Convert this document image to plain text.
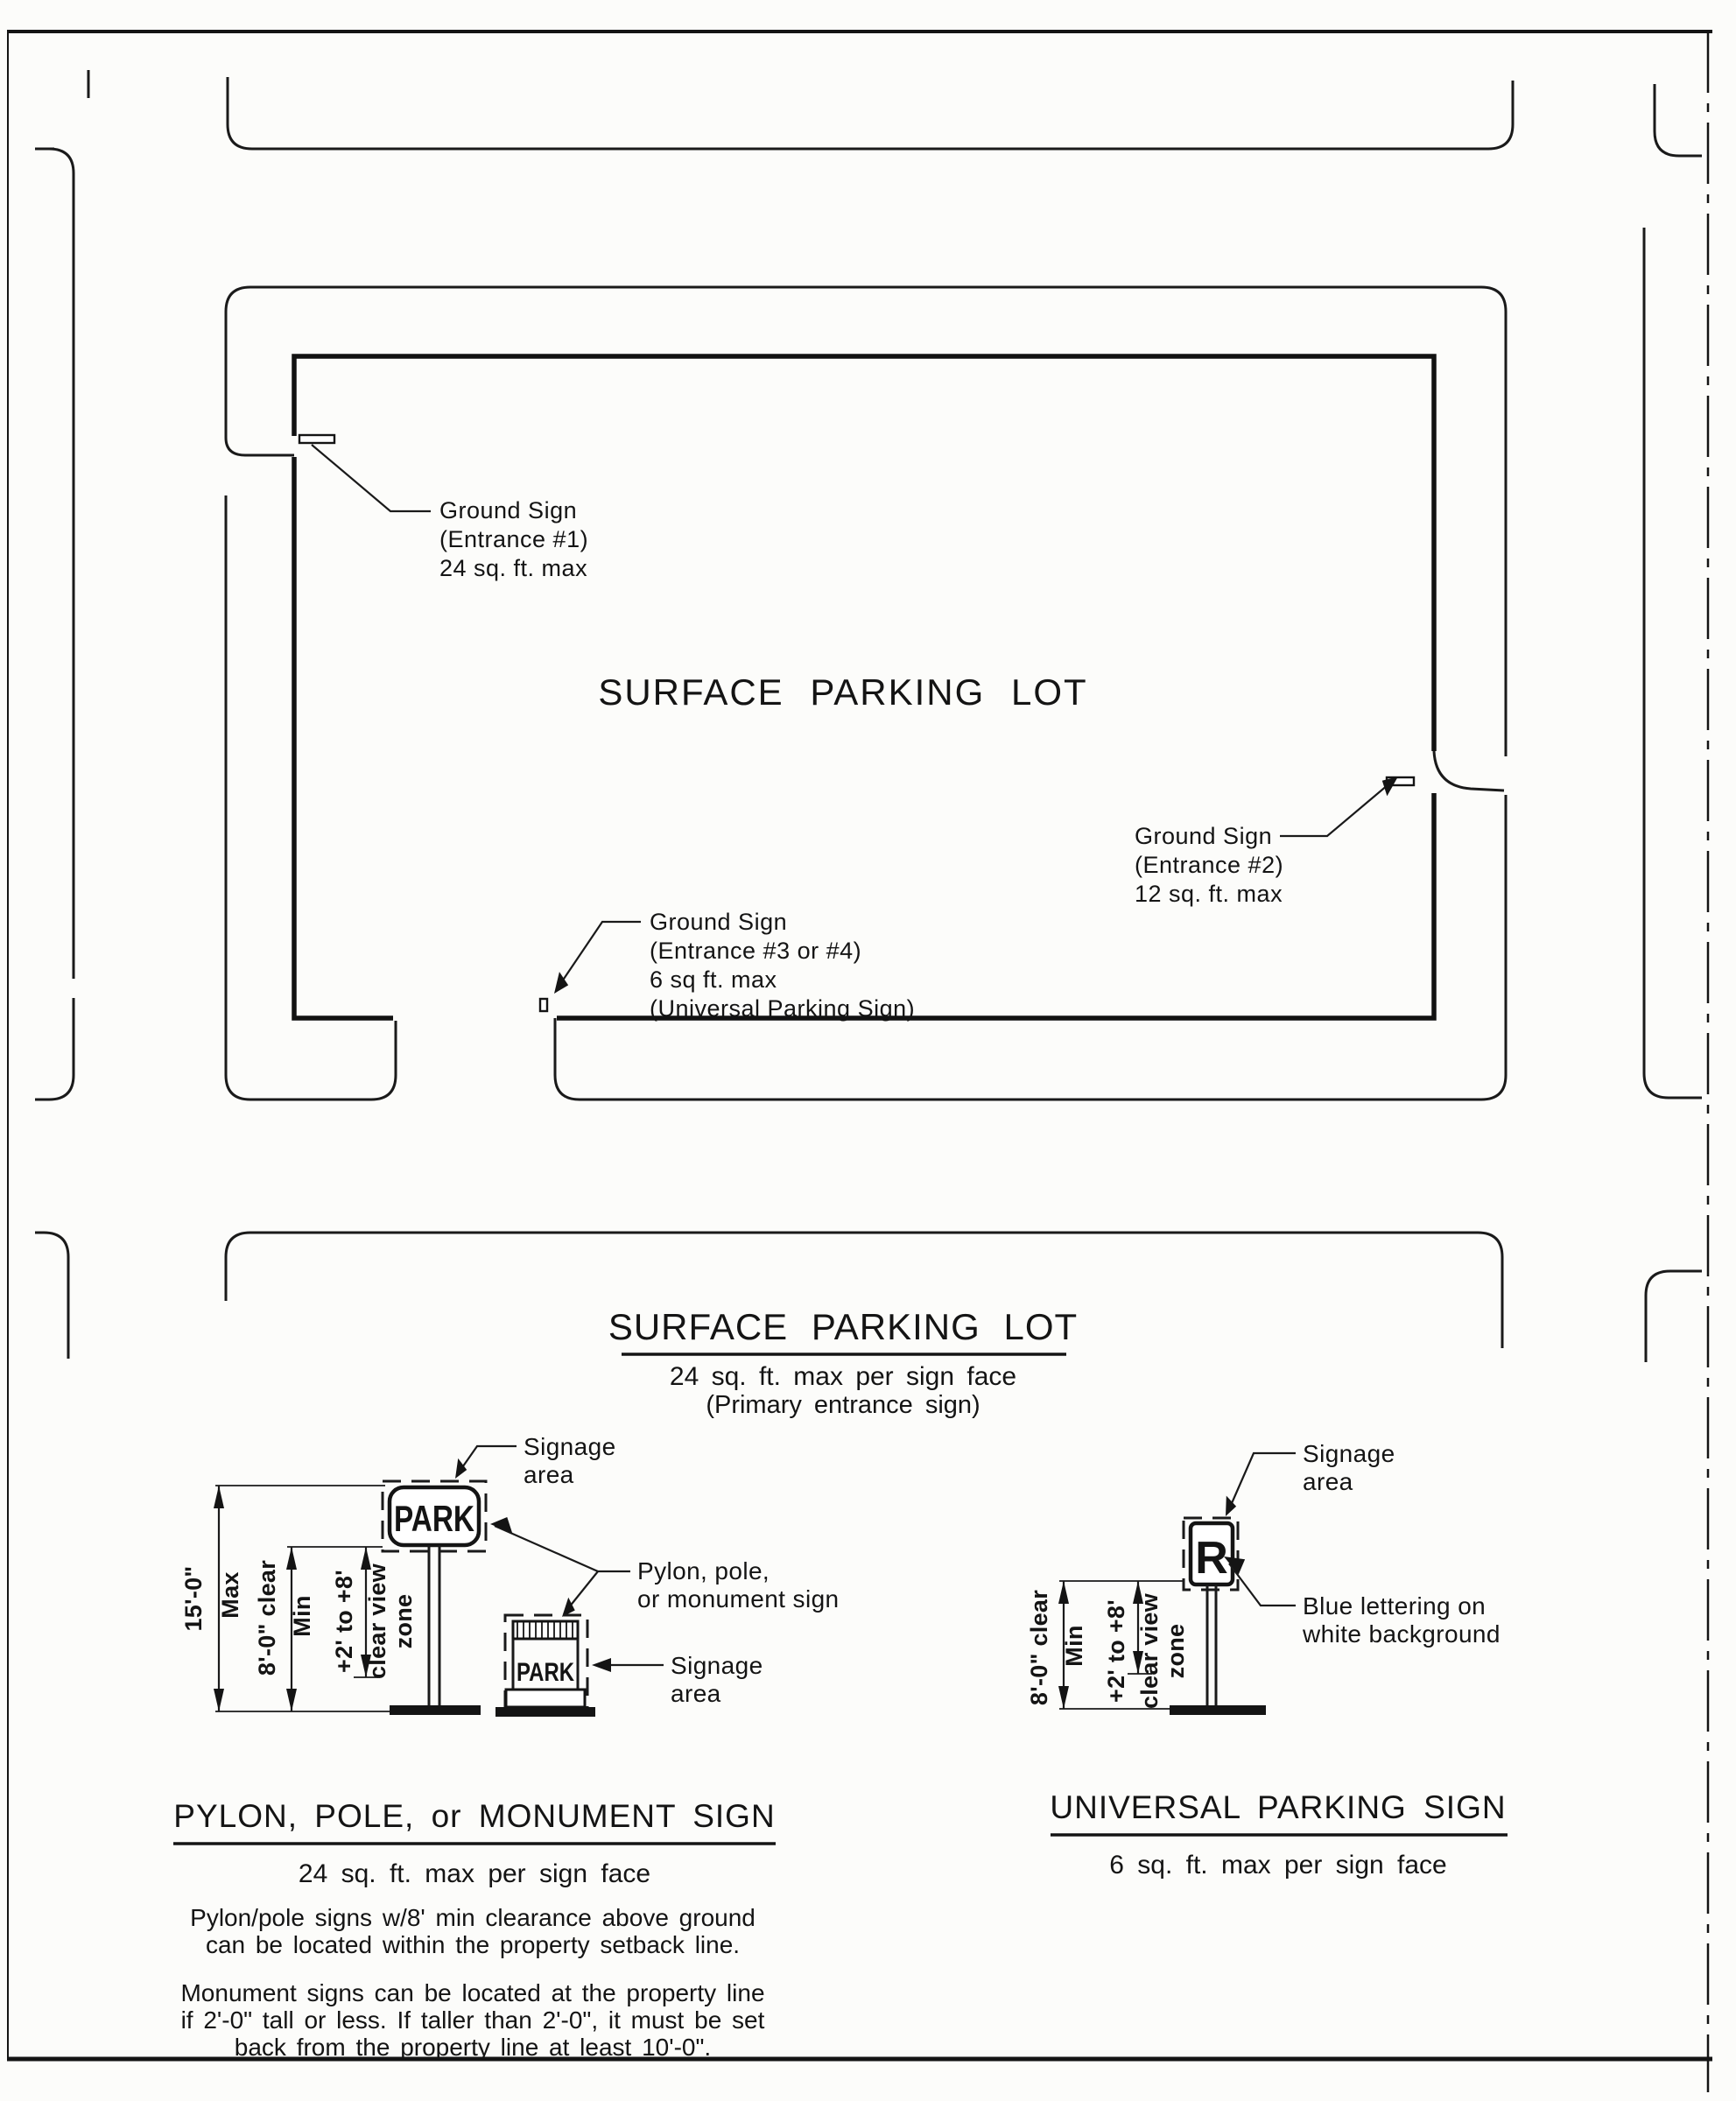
SURFACE PARKING LOT
Ground Sign
(Entrance #1)
24 sq. ft. max
Ground Sign
(Entrance #2)
12 sq. ft. max
Ground Sign
(Entrance #3 or #4)
6 sq ft. max
(Universal Parking Sign)
SURFACE PARKING LOT
24 sq. ft. max per sign face
(Primary entrance sign)
15'-0" Max 8'-0" clear Min +2' to +8' clear view zone
PARK
Signage
area
Pylon, pole,
or monument sign
PARK	Signage
area
PYLON, POLE, or MONUMENT SIGN
24 sq. ft. max per sign face
Pylon/pole signs w/8' min clearance above ground
can be located within the property setback line.
Monument signs can be located at the property line
if 2'-0" tall or less. If taller than 2'-0", it must be set
back from the property line at least 10'-0".
8'-0" clear Min +2' to +8' clear view zone
R
Signage
area
Blue lettering on
white background
UNIVERSAL PARKING SIGN
6 sq. ft. max per sign face
